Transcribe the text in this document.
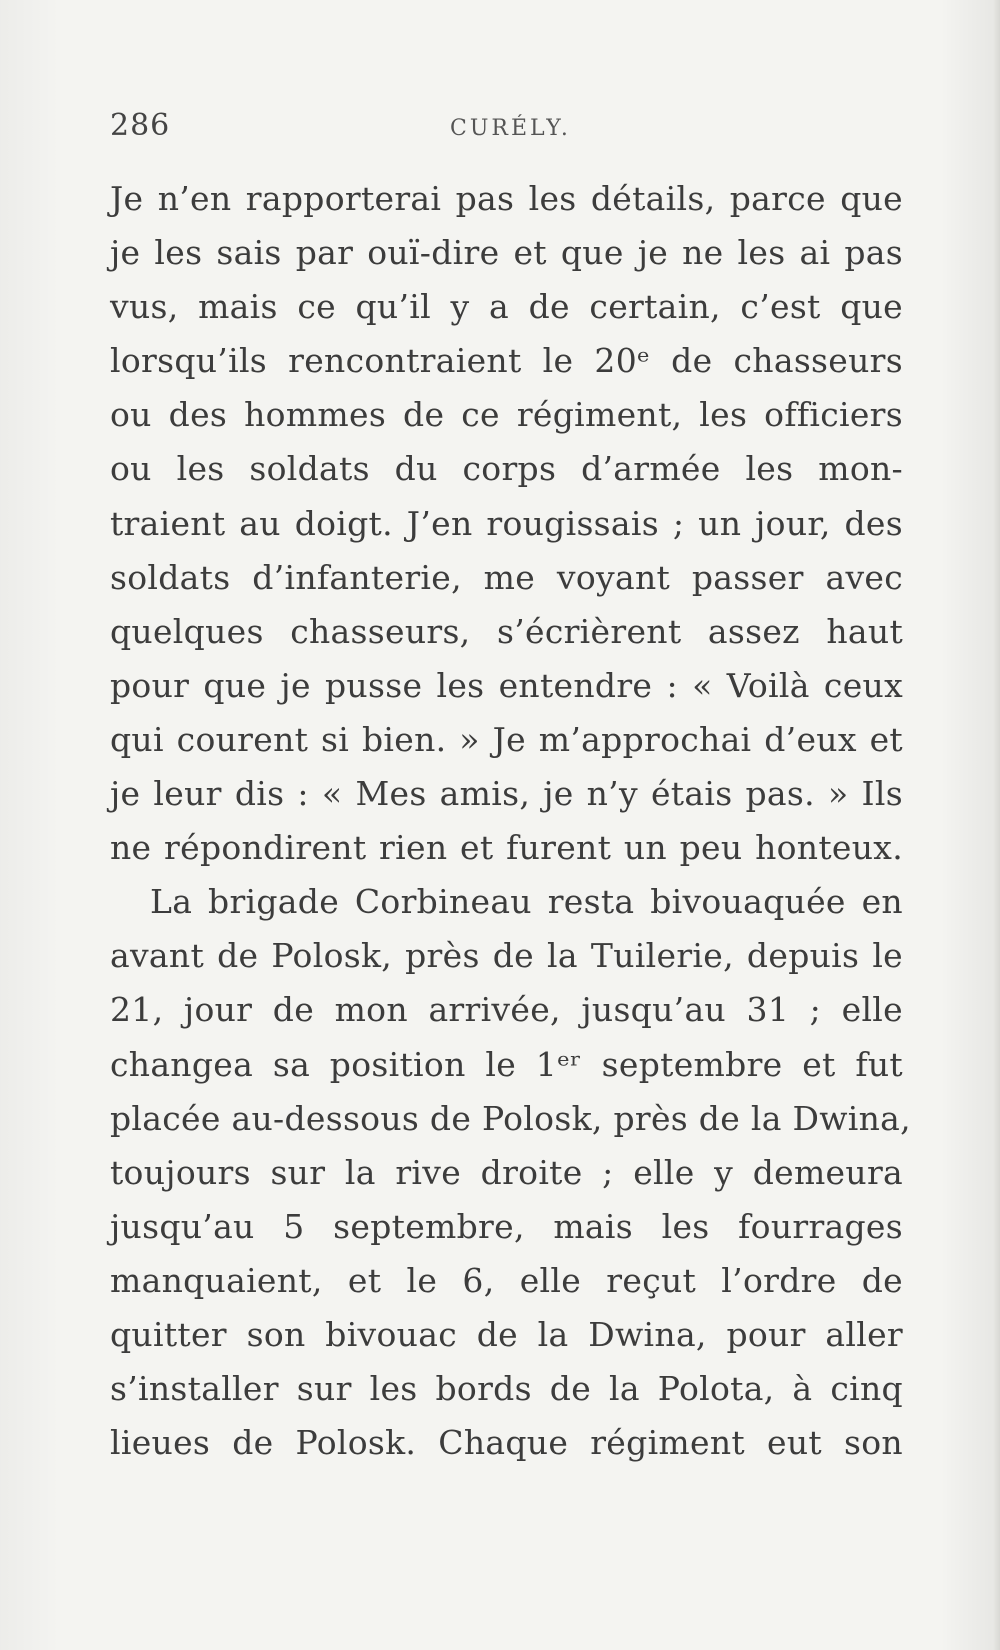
286	CURÉLY.
Je n’en rapporterai pas les détails, parce que
je les sais par ouï-dire et que je ne les ai pas
vus, mais ce qu’il y a de certain, c’est que
lorsqu’ils rencontraient le 20ᵉ de chasseurs
ou des hommes de ce régiment, les officiers
ou les soldats du corps d’armée les mon-
traient au doigt. J’en rougissais ; un jour, des
soldats d’infanterie, me voyant passer avec
quelques chasseurs, s’écrièrent assez haut
pour que je pusse les entendre : « Voilà ceux
qui courent si bien. » Je m’approchai d’eux et
je leur dis : « Mes amis, je n’y étais pas. » Ils
ne répondirent rien et furent un peu honteux.
La brigade Corbineau resta bivouaquée en
avant de Polosk, près de la Tuilerie, depuis le
21, jour de mon arrivée, jusqu’au 31 ; elle
changea sa position le 1ᵉʳ septembre et fut
placée au-dessous de Polosk, près de la Dwina,
toujours sur la rive droite ; elle y demeura
jusqu’au 5 septembre, mais les fourrages
manquaient, et le 6, elle reçut l’ordre de
quitter son bivouac de la Dwina, pour aller
s’installer sur les bords de la Polota, à cinq
lieues de Polosk. Chaque régiment eut son
